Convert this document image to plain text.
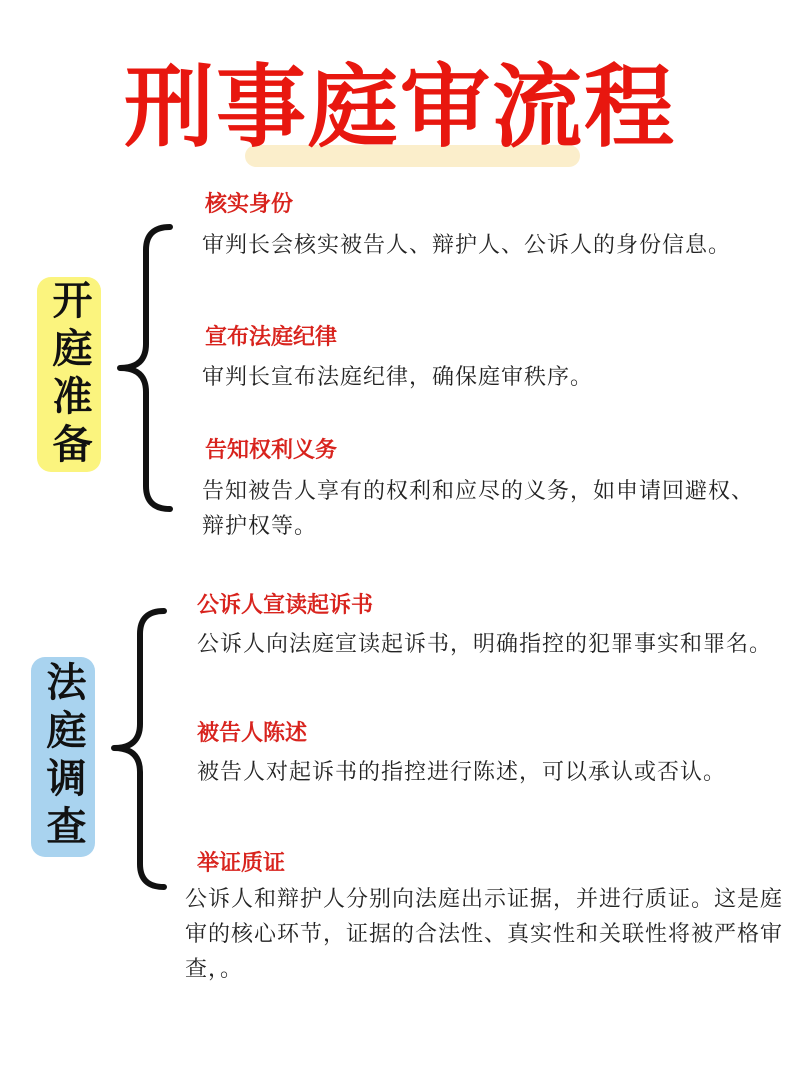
刑事庭审流程
开庭准备
核实身份
审判长会核实被告人、辩护人、公诉人的身份信息。
宣布法庭纪律
审判长宣布法庭纪律，确保庭审秩序。
告知权利义务
告知被告人享有的权利和应尽的义务，如申请回避权、辩护权等。
法庭调查
公诉人宣读起诉书
公诉人向法庭宣读起诉书，明确指控的犯罪事实和罪名。
被告人陈述
被告人对起诉书的指控进行陈述，可以承认或否认。
举证质证
公诉人和辩护人分别向法庭出示证据，并进行质证。这是庭审的核心环节，证据的合法性、真实性和关联性将被严格审查，。
